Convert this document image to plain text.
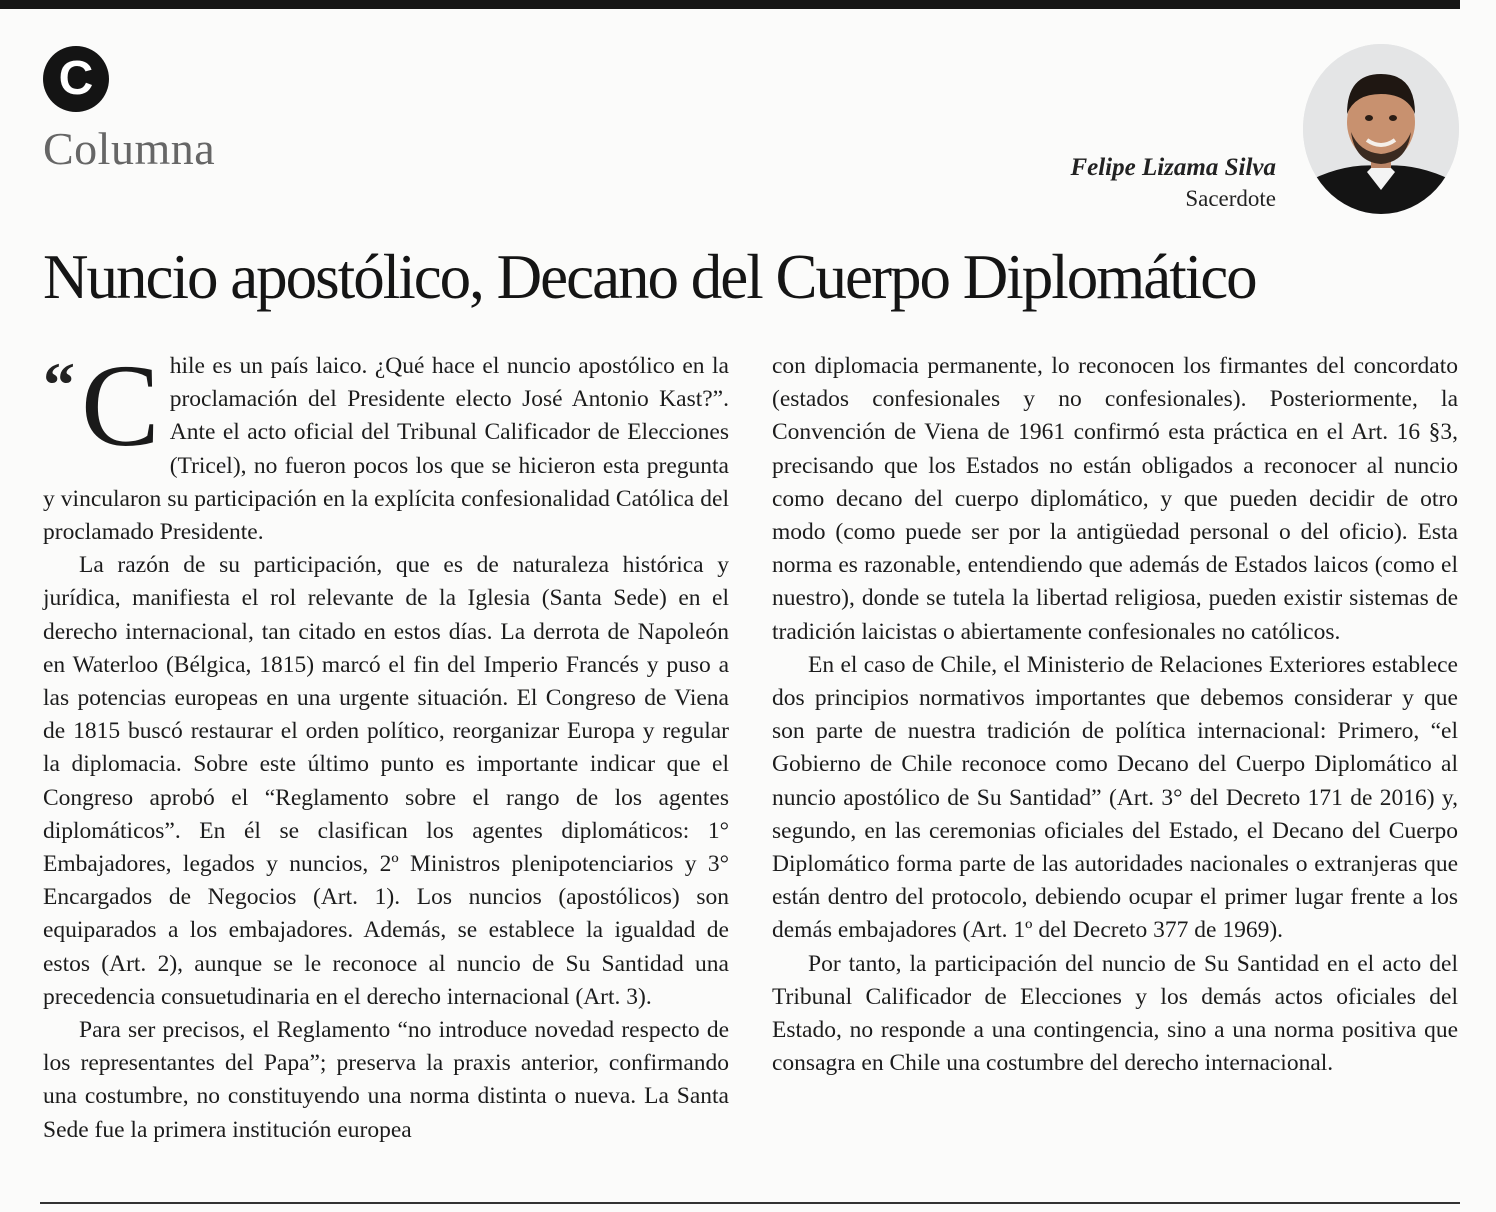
C
Columna	Felipe Lizama Silva
Sacerdote
Nuncio apostólico, Decano del Cuerpo Diplomático

“ C hile es un país laico. ¿Qué hace el nuncio apostólico en la proclamación del Presidente electo José Antonio Kast?”. Ante el acto oficial del Tribunal Calificador de Elecciones (Tricel), no fueron pocos los que se hicieron esta pregunta y vincularon su participación en la explícita confesionalidad Católica del proclamado Presidente.

La razón de su participación, que es de naturaleza histórica y jurídica, manifiesta el rol relevante de la Iglesia (Santa Sede) en el derecho internacional, tan citado en estos días. La derrota de Napoleón en Waterloo (Bélgica, 1815) marcó el fin del Imperio Francés y puso a las potencias europeas en una urgente situación. El Congreso de Viena de 1815 buscó restaurar el orden político, reorganizar Europa y regular la diplomacia. Sobre este último punto es importante indicar que el Congreso aprobó el “Reglamento sobre el rango de los agentes diplomáticos”. En él se clasifican los agentes diplomáticos: 1° Embajadores, legados y nuncios, 2º Ministros plenipotenciarios y 3° Encargados de Negocios (Art. 1). Los nuncios (apostólicos) son equiparados a los embajadores. Además, se establece la igualdad de estos (Art. 2), aunque se le reconoce al nuncio de Su Santidad una precedencia consuetudinaria en el derecho internacional (Art. 3).

Para ser precisos, el Reglamento “no introduce novedad respecto de los representantes del Papa”; preserva la praxis anterior, confirmando una costumbre, no constituyendo una norma distinta o nueva. La Santa Sede fue la primera institución europea

con diplomacia permanente, lo reconocen los firmantes del concordato (estados confesionales y no confesionales). Posteriormente, la Convención de Viena de 1961 confirmó esta práctica en el Art. 16 §3, precisando que los Estados no están obligados a reconocer al nuncio como decano del cuerpo diplomático, y que pueden decidir de otro modo (como puede ser por la antigüedad personal o del oficio). Esta norma es razonable, entendiendo que además de Estados laicos (como el nuestro), donde se tutela la libertad religiosa, pueden existir sistemas de tradición laicistas o abiertamente confesionales no católicos.

En el caso de Chile, el Ministerio de Relaciones Exteriores establece dos principios normativos importantes que debemos considerar y que son parte de nuestra tradición de política internacional: Primero, “el Gobierno de Chile reconoce como Decano del Cuerpo Diplomático al nuncio apostólico de Su Santidad” (Art. 3° del Decreto 171 de 2016) y, segundo, en las ceremonias oficiales del Estado, el Decano del Cuerpo Diplomático forma parte de las autoridades nacionales o extranjeras que están dentro del protocolo, debiendo ocupar el primer lugar frente a los demás embajadores (Art. 1º del Decreto 377 de 1969).

Por tanto, la participación del nuncio de Su Santidad en el acto del Tribunal Calificador de Elecciones y los demás actos oficiales del Estado, no responde a una contingencia, sino a una norma positiva que consagra en Chile una costumbre del derecho internacional.
